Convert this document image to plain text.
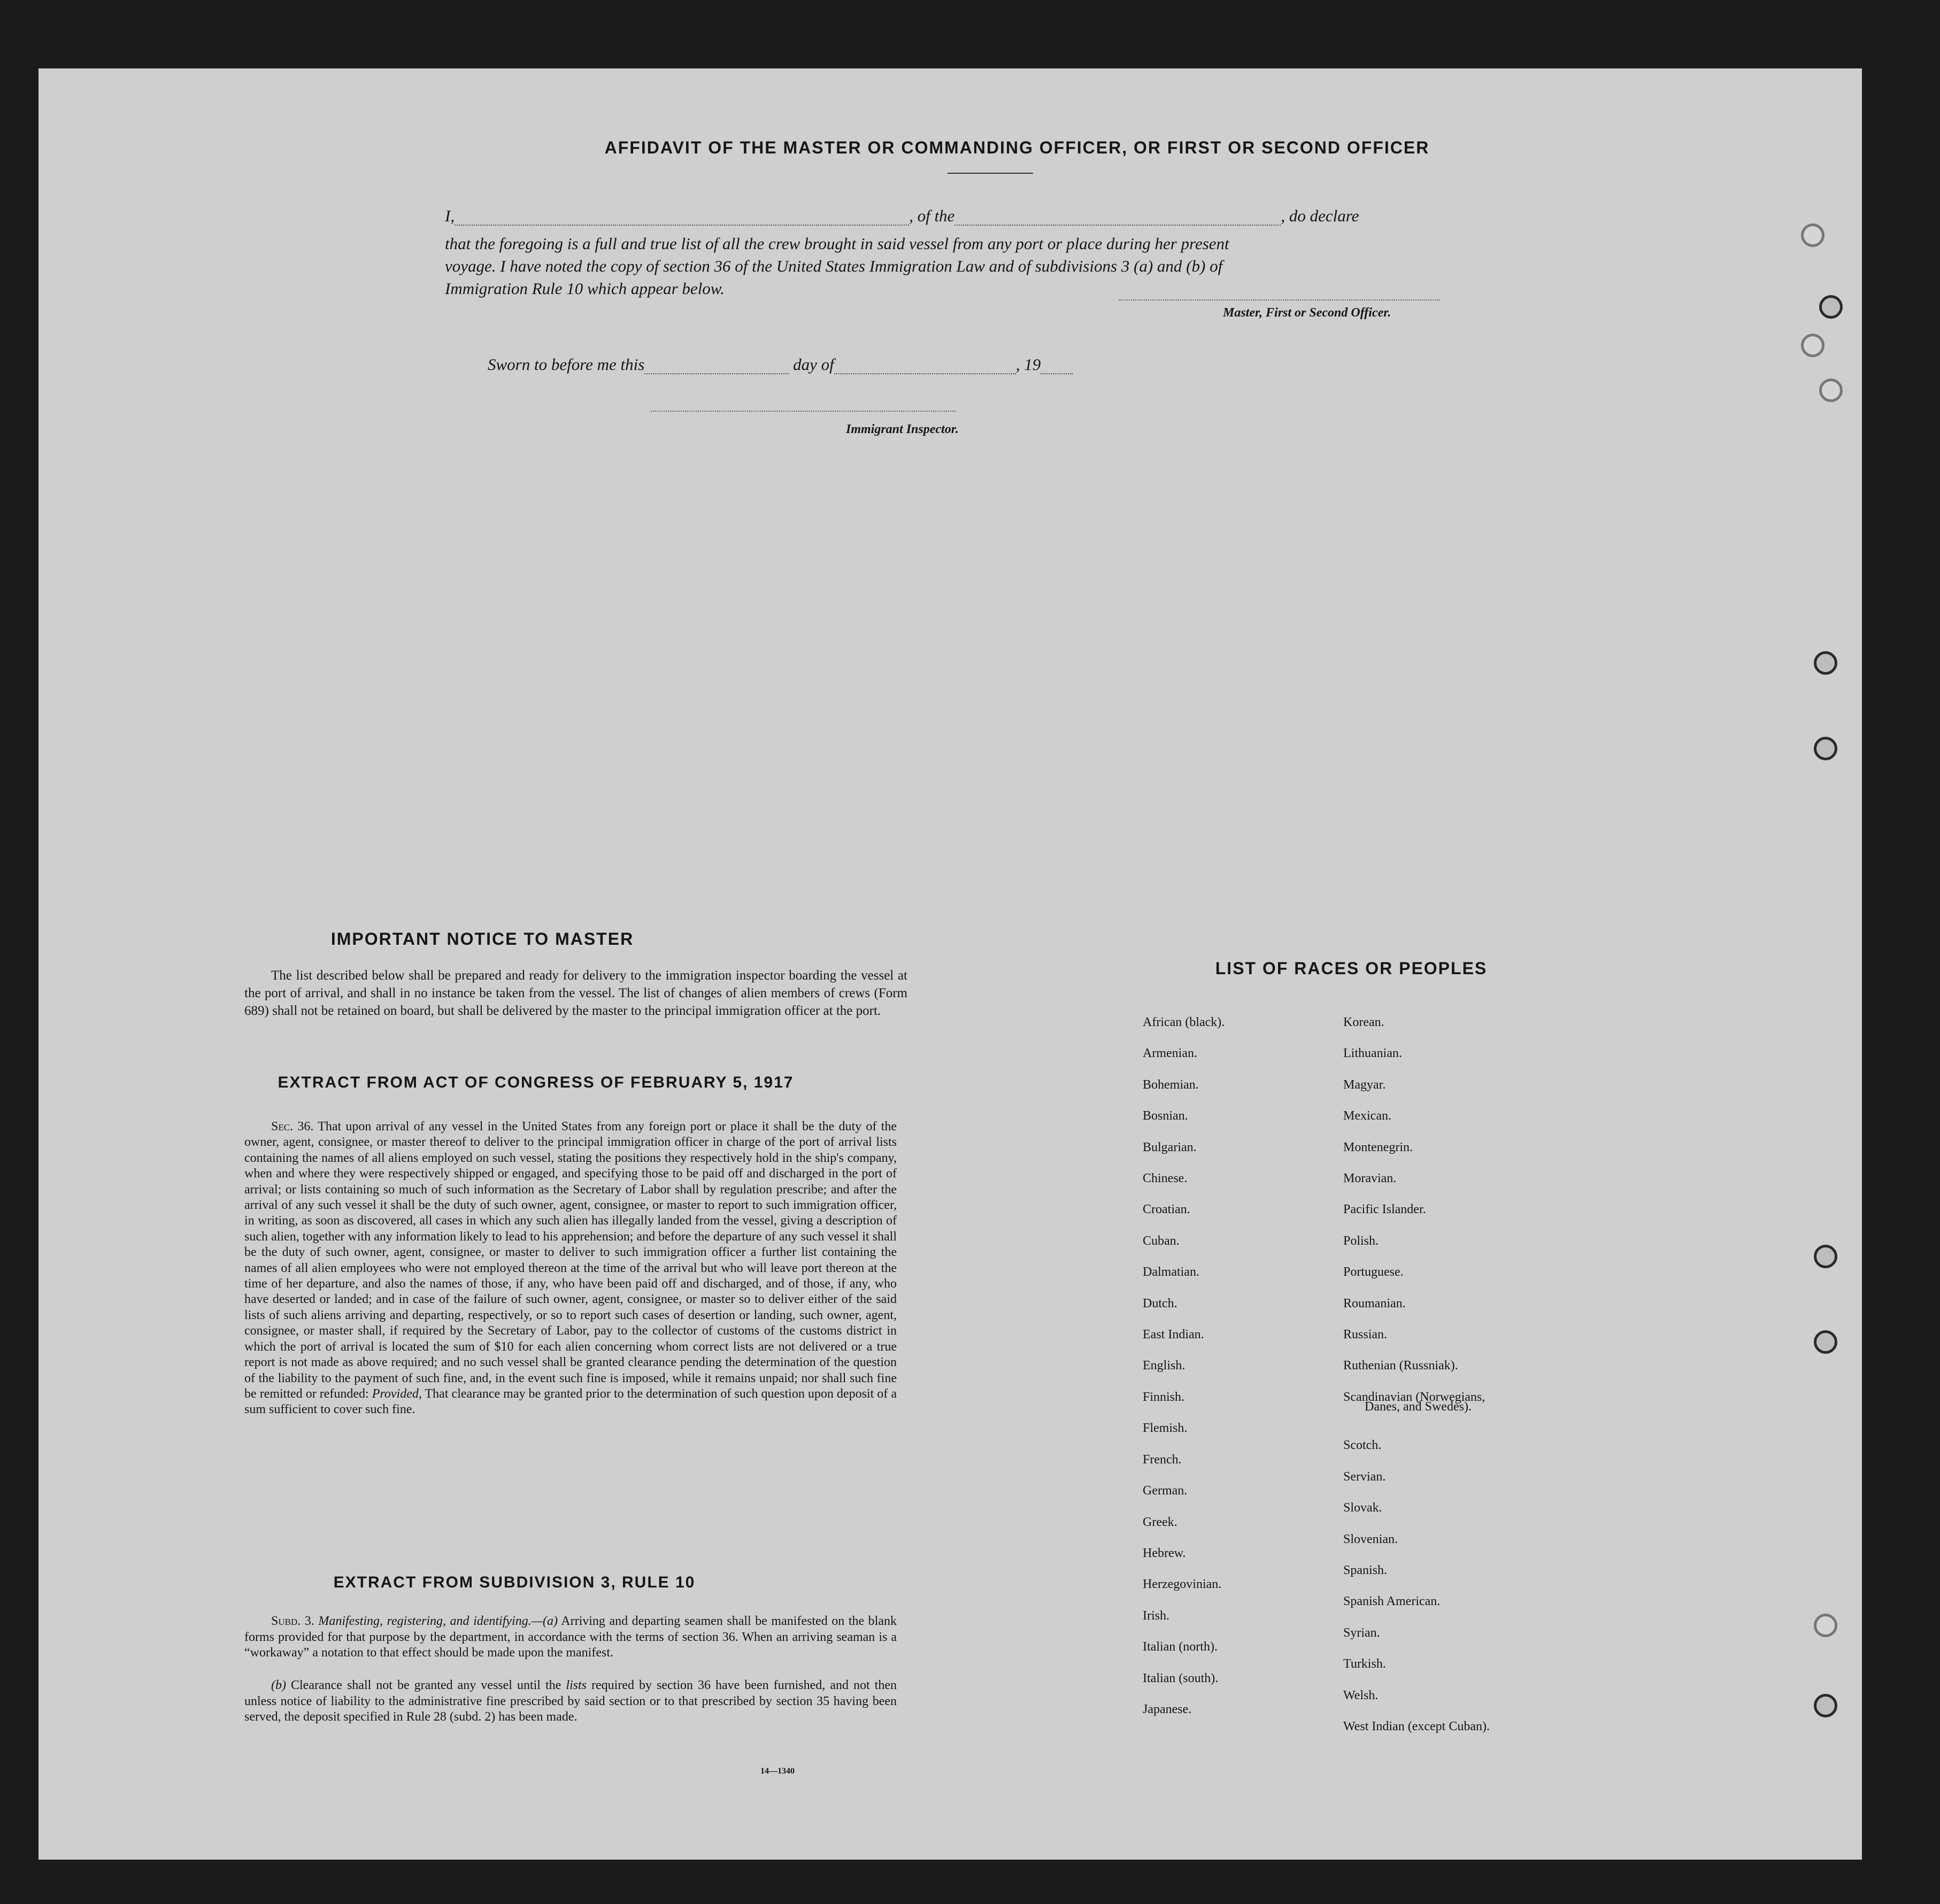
AFFIDAVIT OF THE MASTER OR COMMANDING OFFICER, OR FIRST OR SECOND OFFICER
I,	, of the	, do declare
that the foregoing is a full and true list of all the crew brought in said vessel from any port or place during her present
voyage. I have noted the copy of section 36 of the United States Immigration Law and of subdivisions 3 (a) and (b) of
Immigration Rule 10 which appear below.
Master, First or Second Officer.
Sworn to before me this	day of	, 19
Immigrant Inspector.
IMPORTANT NOTICE TO MASTER
The list described below shall be prepared and ready for delivery to the immigration inspector boarding the vessel at the port of arrival, and shall in no instance be taken from the vessel. The list of changes of alien members of crews (Form 689) shall not be retained on board, but shall be delivered by the master to the principal immigration officer at the port.
EXTRACT FROM ACT OF CONGRESS OF FEBRUARY 5, 1917
Sec. 36. That upon arrival of any vessel in the United States from any foreign port or place it shall be the duty of the owner, agent, consignee, or master thereof to deliver to the principal immigration officer in charge of the port of arrival lists containing the names of all aliens employed on such vessel, stating the positions they respectively hold in the ship's company, when and where they were respectively shipped or engaged, and specifying those to be paid off and discharged in the port of arrival; or lists containing so much of such information as the Secretary of Labor shall by regulation prescribe; and after the arrival of any such vessel it shall be the duty of such owner, agent, consignee, or master to report to such immigration officer, in writing, as soon as discovered, all cases in which any such alien has illegally landed from the vessel, giving a description of such alien, together with any information likely to lead to his apprehension; and before the departure of any such vessel it shall be the duty of such owner, agent, consignee, or master to deliver to such immigration officer a further list containing the names of all alien employees who were not employed thereon at the time of the arrival but who will leave port thereon at the time of her departure, and also the names of those, if any, who have been paid off and discharged, and of those, if any, who have deserted or landed; and in case of the failure of such owner, agent, consignee, or master so to deliver either of the said lists of such aliens arriving and departing, respectively, or so to report such cases of desertion or landing, such owner, agent, consignee, or master shall, if required by the Secretary of Labor, pay to the collector of customs of the customs district in which the port of arrival is located the sum of $10 for each alien concerning whom correct lists are not delivered or a true report is not made as above required; and no such vessel shall be granted clearance pending the determination of the question of the liability to the payment of such fine, and, in the event such fine is imposed, while it remains unpaid; nor shall such fine be remitted or refunded: Provided, That clearance may be granted prior to the determination of such question upon deposit of a sum sufficient to cover such fine.
EXTRACT FROM SUBDIVISION 3, RULE 10

Subd. 3. Manifesting, registering, and identifying.—(a) Arriving and departing seamen shall be manifested on the blank forms provided for that purpose by the department, in accordance with the terms of section 36. When an arriving seaman is a “workaway” a notation to that effect should be made upon the manifest.

(b) Clearance shall not be granted any vessel until the lists required by section 36 have been furnished, and not then unless notice of liability to the administrative fine prescribed by said section or to that prescribed by section 35 having been served, the deposit specified in Rule 28 (subd. 2) has been made.

14—1340
LIST OF RACES OR PEOPLES
African (black).
Armenian.
Bohemian.
Bosnian.
Bulgarian.
Chinese.
Croatian.
Cuban.
Dalmatian.
Dutch.
East Indian.
English.
Finnish.
Flemish.
French.
German.
Greek.
Hebrew.
Herzegovinian.
Irish.
Italian (north).
Italian (south).
Japanese.
Korean.
Lithuanian.
Magyar.
Mexican.
Montenegrin.
Moravian.
Pacific Islander.
Polish.
Portuguese.
Roumanian.
Russian.
Ruthenian (Russniak).
Scandinavian (Norwegians,
Danes, and Swedes).
Scotch.
Servian.
Slovak.
Slovenian.
Spanish.
Spanish American.
Syrian.
Turkish.
Welsh.
West Indian (except Cuban).
